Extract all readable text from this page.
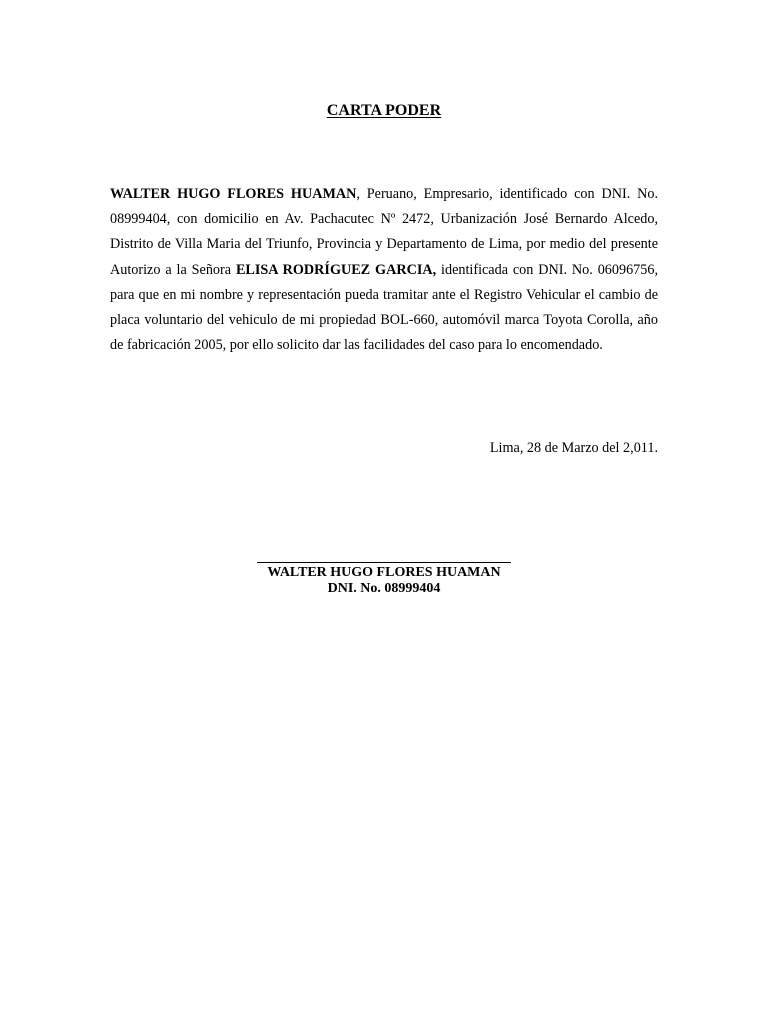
CARTA PODER

WALTER HUGO FLORES HUAMAN, Peruano, Empresario, identificado con DNI. No. 08999404, con domicilio en Av. Pachacutec Nº 2472, Urbanización José Bernardo Alcedo, Distrito de Villa Maria del Triunfo, Provincia y Departamento de Lima, por medio del presente Autorizo a la Señora ELISA RODRÍGUEZ GARCIA, identificada con DNI. No. 06096756, para que en mi nombre y representación pueda tramitar ante el Registro Vehicular el cambio de placa voluntario del vehiculo de mi propiedad BOL-660, automóvil marca Toyota Corolla, año de fabricación 2005, por ello solicito dar las facilidades del caso para lo encomendado.

Lima, 28 de Marzo del 2,011.

WALTER HUGO FLORES HUAMAN
DNI. No. 08999404
